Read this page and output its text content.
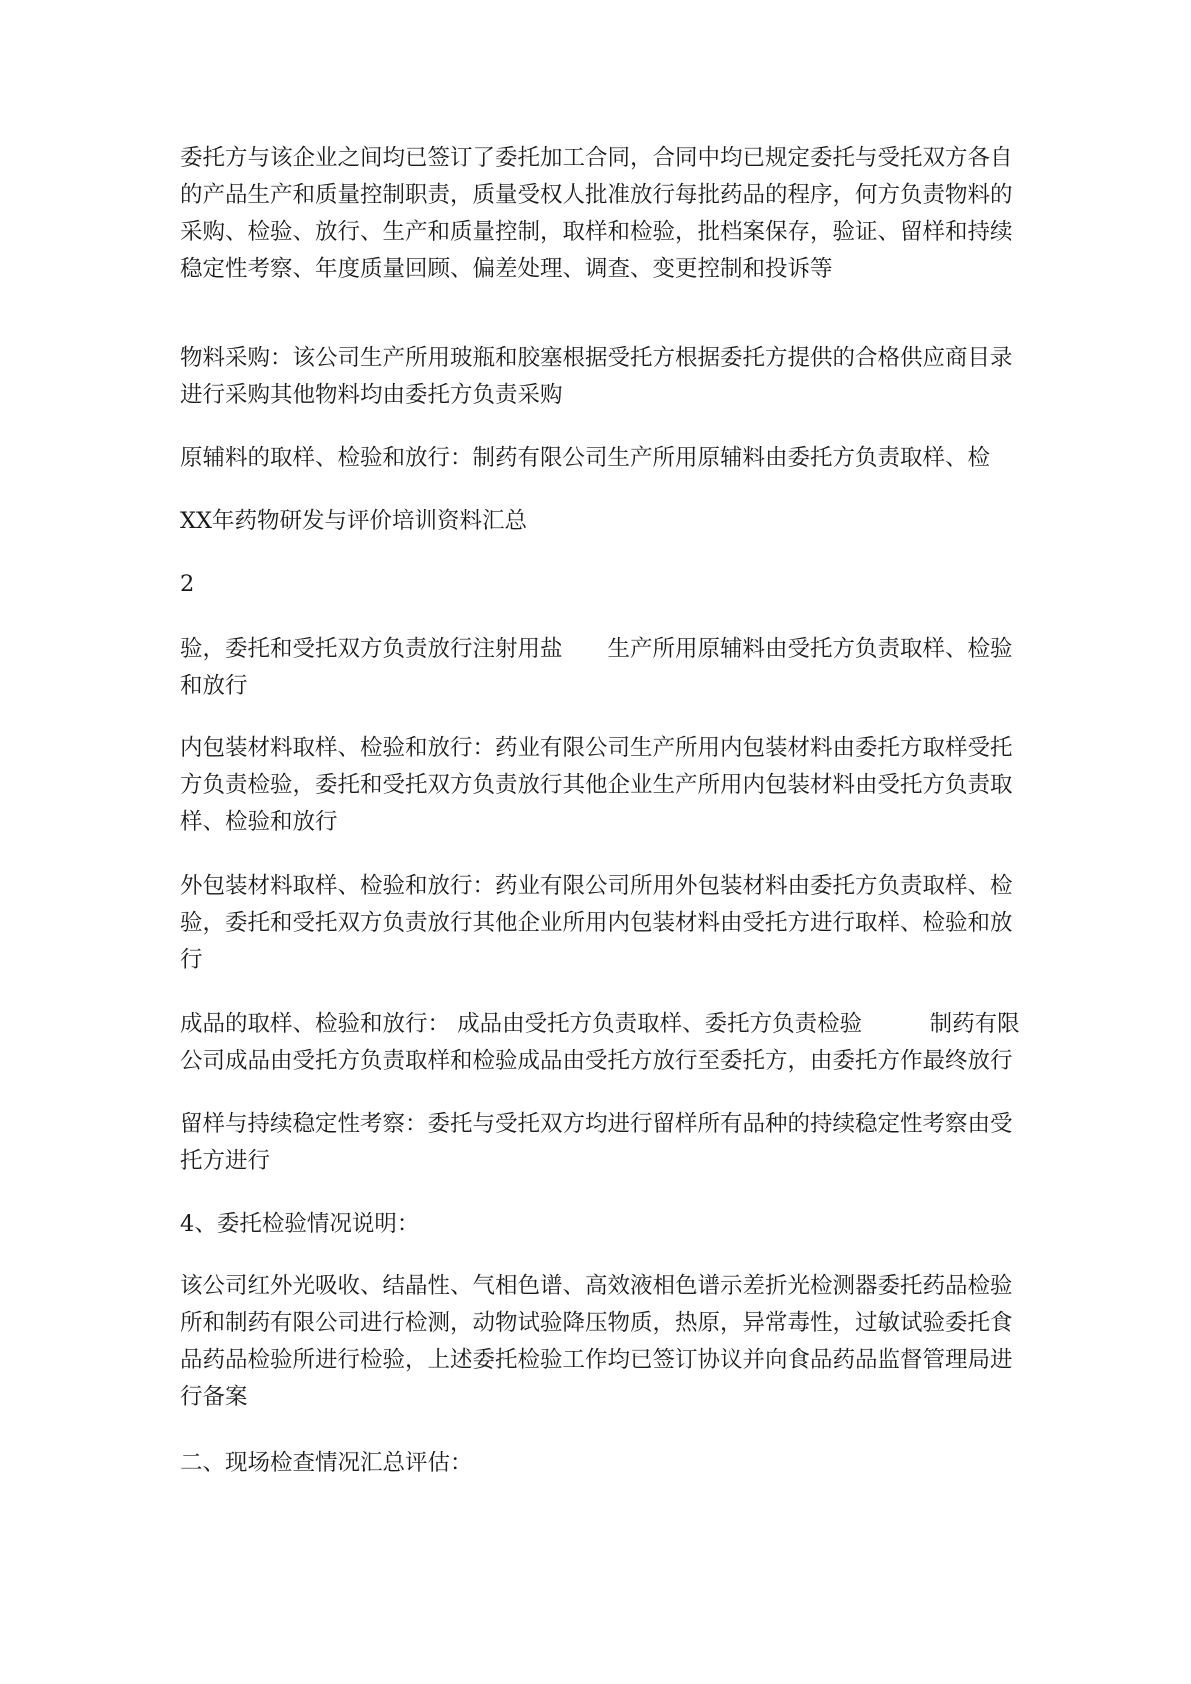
委托方与该企业之间均已签订了委托加工合同，合同中均已规定委托与受托双方各自的产品生产和质量控制职责，质量受权人批准放行每批药品的程序，何方负责物料的采购、检验、放行、生产和质量控制，取样和检验，批档案保存，验证、留样和持续稳定性考察、年度质量回顾、偏差处理、调查、变更控制和投诉等

物料采购：该公司生产所用玻瓶和胶塞根据受托方根据委托方提供的合格供应商目录进行采购其他物料均由委托方负责采购

原辅料的取样、检验和放行：制药有限公司生产所用原辅料由委托方负责取样、检

XX年药物研发与评价培训资料汇总

2

验，委托和受托双方负责放行注射用盐　　生产所用原辅料由受托方负责取样、检验和放行

内包装材料取样、检验和放行：药业有限公司生产所用内包装材料由委托方取样受托方负责检验，委托和受托双方负责放行其他企业生产所用内包装材料由受托方负责取样、检验和放行

外包装材料取样、检验和放行：药业有限公司所用外包装材料由委托方负责取样、检验，委托和受托双方负责放行其他企业所用内包装材料由受托方进行取样、检验和放行

成品的取样、检验和放行： 成品由受托方负责取样、委托方负责检验　　　制药有限公司成品由受托方负责取样和检验成品由受托方放行至委托方，由委托方作最终放行

留样与持续稳定性考察：委托与受托双方均进行留样所有品种的持续稳定性考察由受托方进行

4、委托检验情况说明：

该公司红外光吸收、结晶性、气相色谱、高效液相色谱示差折光检测器委托药品检验所和制药有限公司进行检测，动物试验降压物质，热原，异常毒性，过敏试验委托食品药品检验所进行检验，上述委托检验工作均已签订协议并向食品药品监督管理局进行备案

二、现场检查情况汇总评估：
